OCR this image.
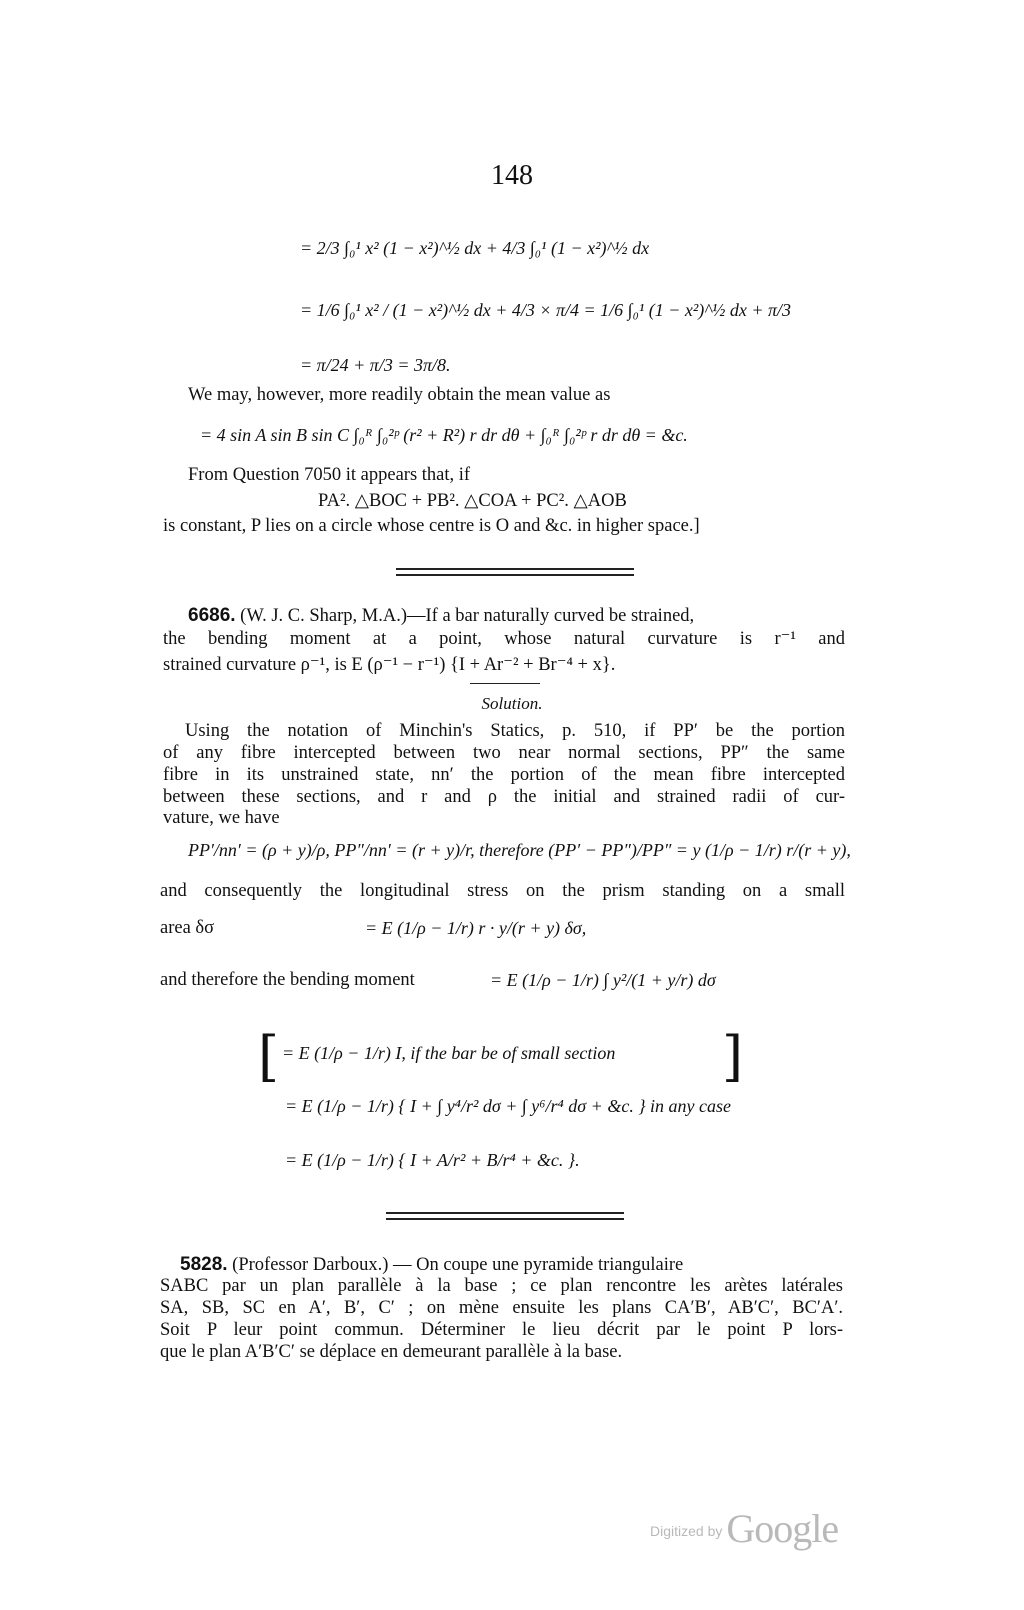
148
= 2/3 ∫₀¹ x² (1 − x²)^½ dx + 4/3 ∫₀¹ (1 − x²)^½ dx
= 1/6 ∫₀¹ x² / (1 − x²)^½ dx + 4/3 × π/4 = 1/6 ∫₀¹ (1 − x²)^½ dx + π/3
= π/24 + π/3 = 3π/8.
We may, however, more readily obtain the mean value as
= 4 sin A sin B sin C ∫₀ᴿ ∫₀²ᵖ (r² + R²) r dr dθ + ∫₀ᴿ ∫₀²ᵖ r dr dθ = &c.
From Question 7050 it appears that, if
PA². △BOC + PB². △COA + PC². △AOB
is constant, P lies on a circle whose centre is O and &c. in higher space.]
6686. (W. J. C. Sharp, M.A.)—If a bar naturally curved be strained,
the bending moment at a point, whose natural curvature is r⁻¹ and
strained curvature ρ⁻¹, is E (ρ⁻¹ − r⁻¹) {I + Ar⁻² + Br⁻⁴ + x}.
Solution.
Using the notation of Minchin's Statics, p. 510, if PP′ be the portion
of any fibre intercepted between two near normal sections, PP″ the same
fibre in its unstrained state, nn′ the portion of the mean fibre intercepted
between these sections, and r and ρ the initial and strained radii of cur-
vature, we have
PP′/nn′ = (ρ + y)/ρ, PP″/nn′ = (r + y)/r, therefore (PP′ − PP″)/PP″ = y (1/ρ − 1/r) r/(r + y),
and consequently the longitudinal stress on the prism standing on a small
area δσ	= E (1/ρ − 1/r) r · y/(r + y) δσ,
and therefore the bending moment	= E (1/ρ − 1/r) ∫ y²/(1 + y/r) dσ
[ = E (1/ρ − 1/r) I, if the bar be of small section ]
= E (1/ρ − 1/r) { I + ∫ y⁴/r² dσ + ∫ y⁶/r⁴ dσ + &c. } in any case
= E (1/ρ − 1/r) { I + A/r² + B/r⁴ + &c. }.
5828. (Professor Darboux.) — On coupe une pyramide triangulaire
SABC par un plan parallèle à la base ; ce plan rencontre les arètes latérales
SA, SB, SC en A′, B′, C′ ; on mène ensuite les plans CA′B′, AB′C′, BC′A′.
Soit P leur point commun. Déterminer le lieu décrit par le point P lors-
que le plan A′B′C′ se déplace en demeurant parallèle à la base.
Digitized by Google
